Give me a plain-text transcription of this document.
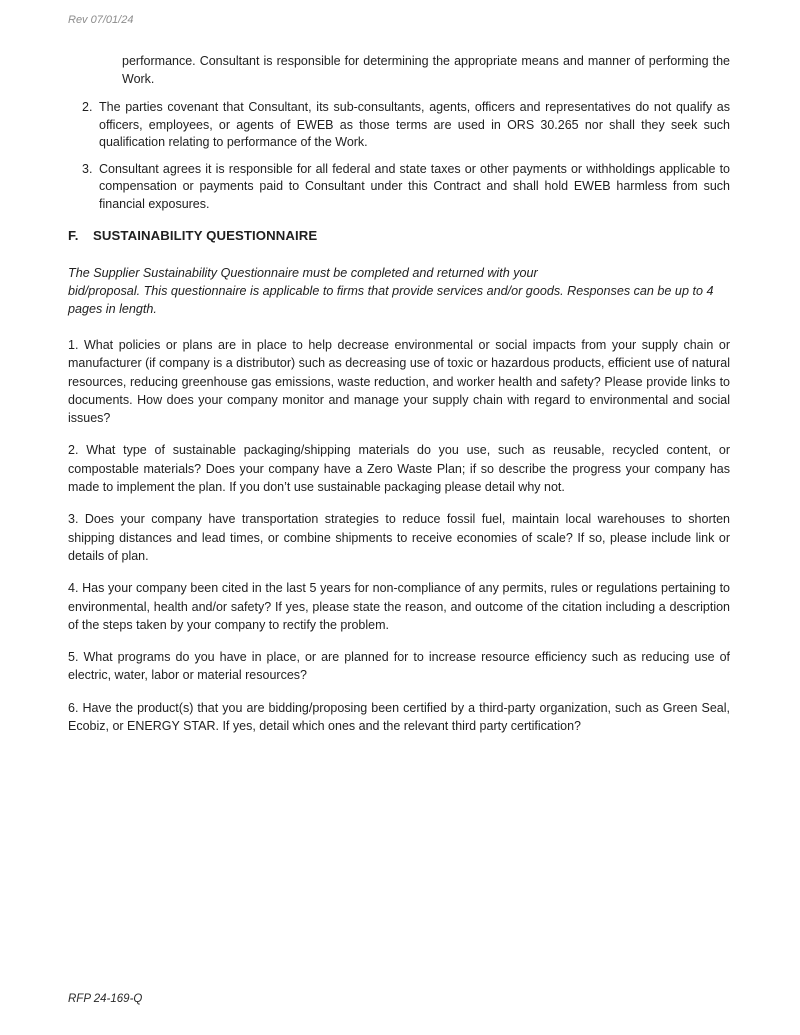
Rev 07/01/24

performance. Consultant is responsible for determining the appropriate means and manner of performing the Work.

2. The parties covenant that Consultant, its sub-consultants, agents, officers and representatives do not qualify as officers, employees, or agents of EWEB as those terms are used in ORS 30.265 nor shall they seek such qualification relating to performance of the Work.
3. Consultant agrees it is responsible for all federal and state taxes or other payments or withholdings applicable to compensation or payments paid to Consultant under this Contract and shall hold EWEB harmless from such financial exposures.
F. SUSTAINABILITY QUESTIONNAIRE

The Supplier Sustainability Questionnaire must be completed and returned with your
bid/proposal. This questionnaire is applicable to firms that provide services and/or goods. Responses can be up to 4 pages in length.

1. What policies or plans are in place to help decrease environmental or social impacts from your supply chain or manufacturer (if company is a distributor) such as decreasing use of toxic or hazardous products, efficient use of natural resources, reducing greenhouse gas emissions, waste reduction, and worker health and safety? Please provide links to documents. How does your company monitor and manage your supply chain with regard to environmental and social issues?

2. What type of sustainable packaging/shipping materials do you use, such as reusable, recycled content, or compostable materials? Does your company have a Zero Waste Plan; if so describe the progress your company has made to implement the plan. If you don’t use sustainable packaging please detail why not.

3. Does your company have transportation strategies to reduce fossil fuel, maintain local warehouses to shorten shipping distances and lead times, or combine shipments to receive economies of scale? If so, please include link or details of plan.

4. Has your company been cited in the last 5 years for non-compliance of any permits, rules or regulations pertaining to environmental, health and/or safety? If yes, please state the reason, and outcome of the citation including a description of the steps taken by your company to rectify the problem.

5. What programs do you have in place, or are planned for to increase resource efficiency such as reducing use of electric, water, labor or material resources?

6. Have the product(s) that you are bidding/proposing been certified by a third-party organization, such as Green Seal, Ecobiz, or ENERGY STAR. If yes, detail which ones and the relevant third party certification?

RFP 24-169-Q
